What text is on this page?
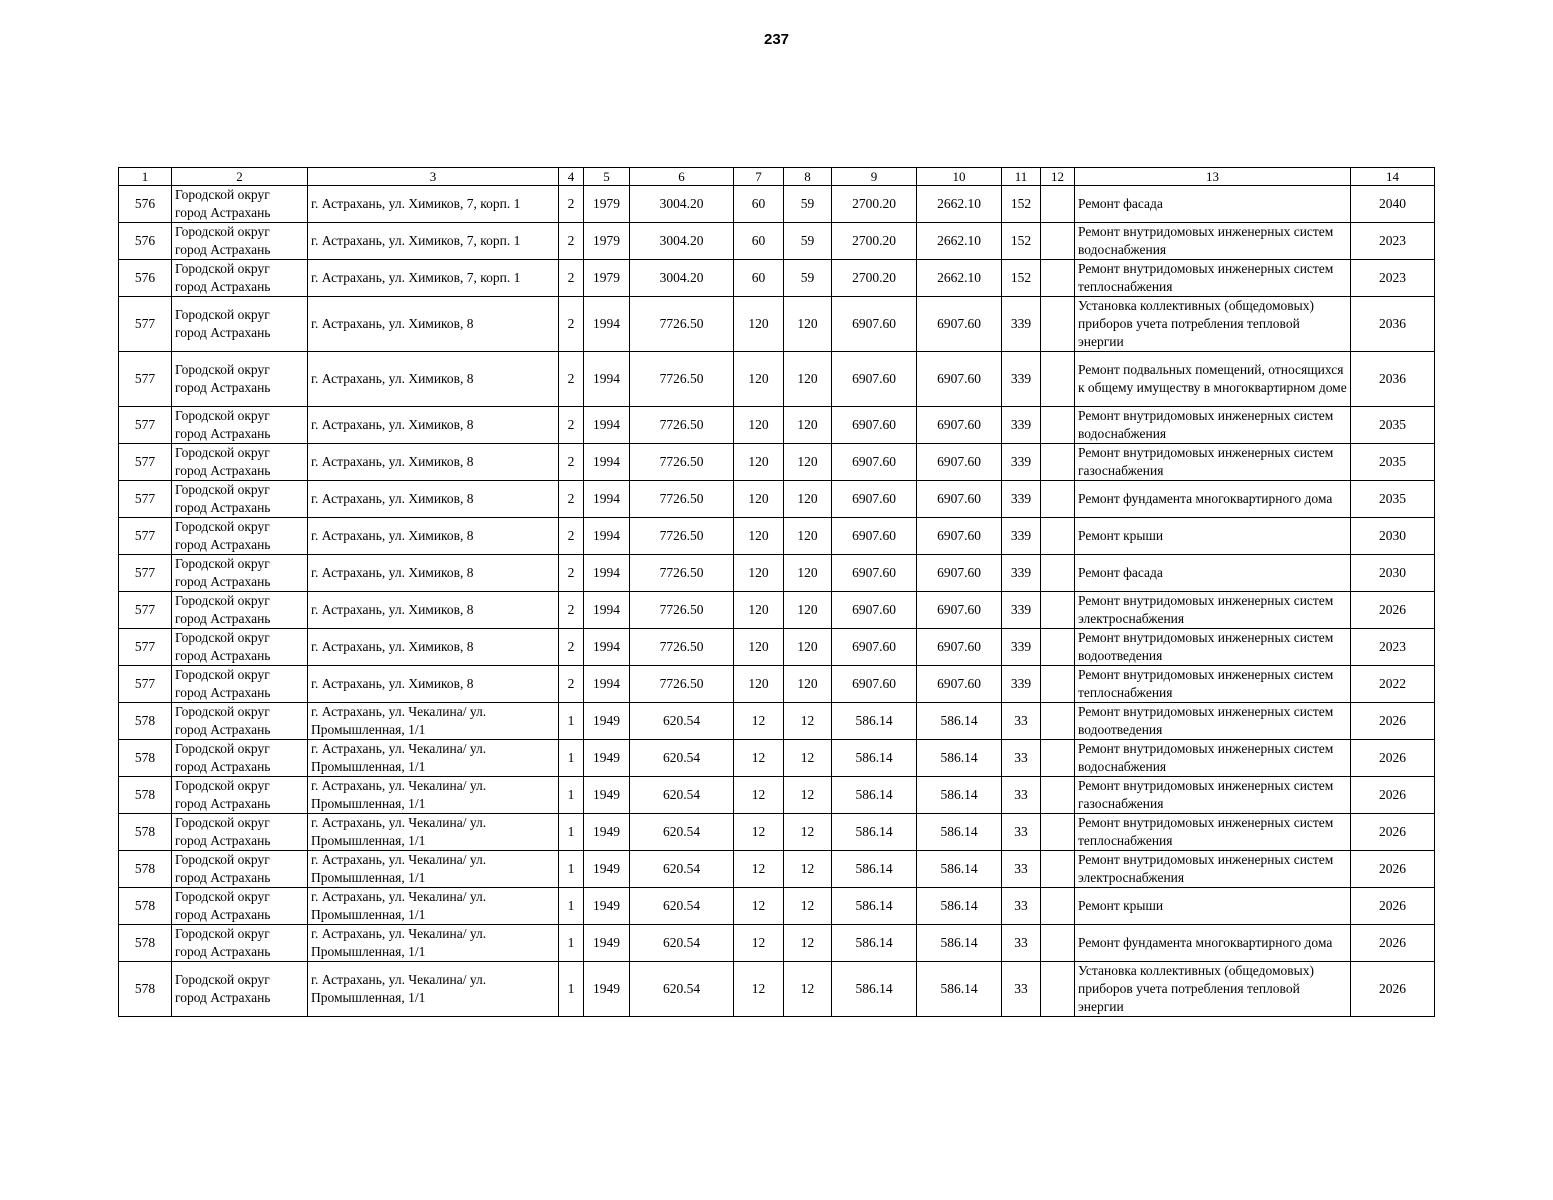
237
1	2	3	4	5	6	7	8	9	10	11	12	13	14
576	Городской округ город Астрахань	г. Астрахань, ул. Химиков, 7, корп. 1	2	1979	3004.20	60	59	2700.20	2662.10	152		Ремонт фасада	2040
576	Городской округ город Астрахань	г. Астрахань, ул. Химиков, 7, корп. 1	2	1979	3004.20	60	59	2700.20	2662.10	152		Ремонт внутридомовых инженерных систем водоснабжения	2023
576	Городской округ город Астрахань	г. Астрахань, ул. Химиков, 7, корп. 1	2	1979	3004.20	60	59	2700.20	2662.10	152		Ремонт внутридомовых инженерных систем теплоснабжения	2023
577	Городской округ город Астрахань	г. Астрахань, ул. Химиков, 8	2	1994	7726.50	120	120	6907.60	6907.60	339		Установка коллективных (общедомовых) приборов учета потребления тепловой энергии	2036
577	Городской округ город Астрахань	г. Астрахань, ул. Химиков, 8	2	1994	7726.50	120	120	6907.60	6907.60	339		Ремонт подвальных помещений, относящихся к общему имуществу в многоквартирном доме	2036
577	Городской округ город Астрахань	г. Астрахань, ул. Химиков, 8	2	1994	7726.50	120	120	6907.60	6907.60	339		Ремонт внутридомовых инженерных систем водоснабжения	2035
577	Городской округ город Астрахань	г. Астрахань, ул. Химиков, 8	2	1994	7726.50	120	120	6907.60	6907.60	339		Ремонт внутридомовых инженерных систем газоснабжения	2035
577	Городской округ город Астрахань	г. Астрахань, ул. Химиков, 8	2	1994	7726.50	120	120	6907.60	6907.60	339		Ремонт фундамента многоквартирного дома	2035
577	Городской округ город Астрахань	г. Астрахань, ул. Химиков, 8	2	1994	7726.50	120	120	6907.60	6907.60	339		Ремонт крыши	2030
577	Городской округ город Астрахань	г. Астрахань, ул. Химиков, 8	2	1994	7726.50	120	120	6907.60	6907.60	339		Ремонт фасада	2030
577	Городской округ город Астрахань	г. Астрахань, ул. Химиков, 8	2	1994	7726.50	120	120	6907.60	6907.60	339		Ремонт внутридомовых инженерных систем электроснабжения	2026
577	Городской округ город Астрахань	г. Астрахань, ул. Химиков, 8	2	1994	7726.50	120	120	6907.60	6907.60	339		Ремонт внутридомовых инженерных систем водоотведения	2023
577	Городской округ город Астрахань	г. Астрахань, ул. Химиков, 8	2	1994	7726.50	120	120	6907.60	6907.60	339		Ремонт внутридомовых инженерных систем теплоснабжения	2022
578	Городской округ город Астрахань	г. Астрахань, ул. Чекалина/ ул. Промышленная, 1/1	1	1949	620.54	12	12	586.14	586.14	33		Ремонт внутридомовых инженерных систем водоотведения	2026
578	Городской округ город Астрахань	г. Астрахань, ул. Чекалина/ ул. Промышленная, 1/1	1	1949	620.54	12	12	586.14	586.14	33		Ремонт внутридомовых инженерных систем водоснабжения	2026
578	Городской округ город Астрахань	г. Астрахань, ул. Чекалина/ ул. Промышленная, 1/1	1	1949	620.54	12	12	586.14	586.14	33		Ремонт внутридомовых инженерных систем газоснабжения	2026
578	Городской округ город Астрахань	г. Астрахань, ул. Чекалина/ ул. Промышленная, 1/1	1	1949	620.54	12	12	586.14	586.14	33		Ремонт внутридомовых инженерных систем теплоснабжения	2026
578	Городской округ город Астрахань	г. Астрахань, ул. Чекалина/ ул. Промышленная, 1/1	1	1949	620.54	12	12	586.14	586.14	33		Ремонт внутридомовых инженерных систем электроснабжения	2026
578	Городской округ город Астрахань	г. Астрахань, ул. Чекалина/ ул. Промышленная, 1/1	1	1949	620.54	12	12	586.14	586.14	33		Ремонт крыши	2026
578	Городской округ город Астрахань	г. Астрахань, ул. Чекалина/ ул. Промышленная, 1/1	1	1949	620.54	12	12	586.14	586.14	33		Ремонт фундамента многоквартирного дома	2026
578	Городской округ город Астрахань	г. Астрахань, ул. Чекалина/ ул. Промышленная, 1/1	1	1949	620.54	12	12	586.14	586.14	33		Установка коллективных (общедомовых) приборов учета потребления тепловой энергии	2026
